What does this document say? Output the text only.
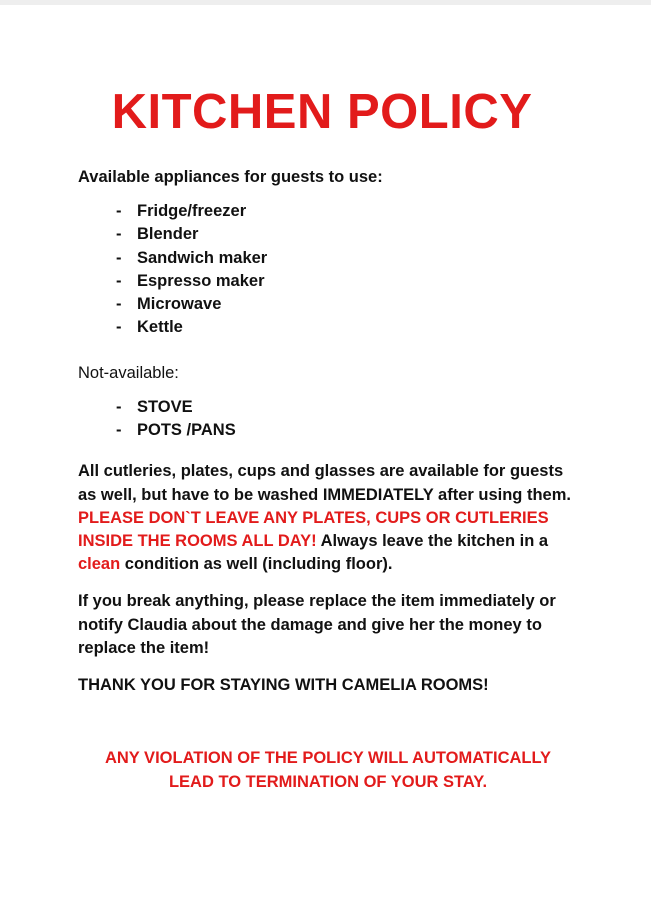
KITCHEN POLICY
Available appliances for guests to use:
- Fridge/freezer
- Blender
- Sandwich maker
- Espresso maker
- Microwave
- Kettle
Not-available:
- STOVE
- POTS /PANS
All cutleries, plates, cups and glasses are available for guests as well, but have to be washed IMMEDIATELY after using them. PLEASE DON`T LEAVE ANY PLATES, CUPS OR CUTLERIES INSIDE THE ROOMS ALL DAY! Always leave the kitchen in a clean condition as well (including floor).
If you break anything, please replace the item immediately or notify Claudia about the damage and give her the money to replace the item!
THANK YOU FOR STAYING WITH CAMELIA ROOMS!
ANY VIOLATION OF THE POLICY WILL AUTOMATICALLY
LEAD TO TERMINATION OF YOUR STAY.
